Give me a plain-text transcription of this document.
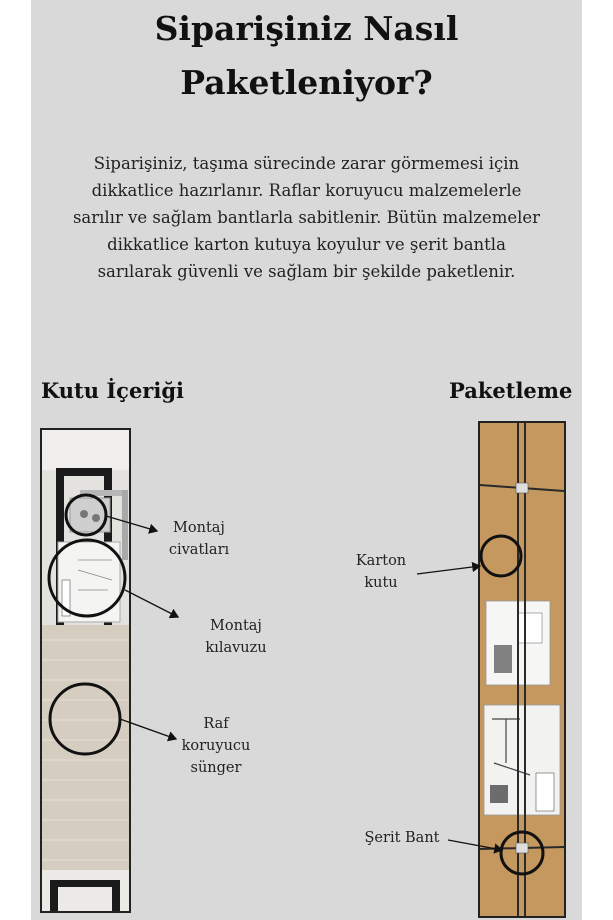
Siparişiniz Nasıl
Paketleniyor?
Siparişiniz, taşıma sürecinde zarar görmemesi için
dikkatlice hazırlanır. Raflar koruyucu malzemelerle
sarılır ve sağlam bantlarla sabitlenir. Bütün malzemeler
dikkatlice karton kutuya koyulur ve şerit bantla
sarılarak güvenli ve sağlam bir şekilde paketlenir.
Kutu İçeriği	Paketleme
Montaj
civatları
Montaj
kılavuzu
Raf
koruyucu
sünger
Karton
kutu
Şerit Bant
